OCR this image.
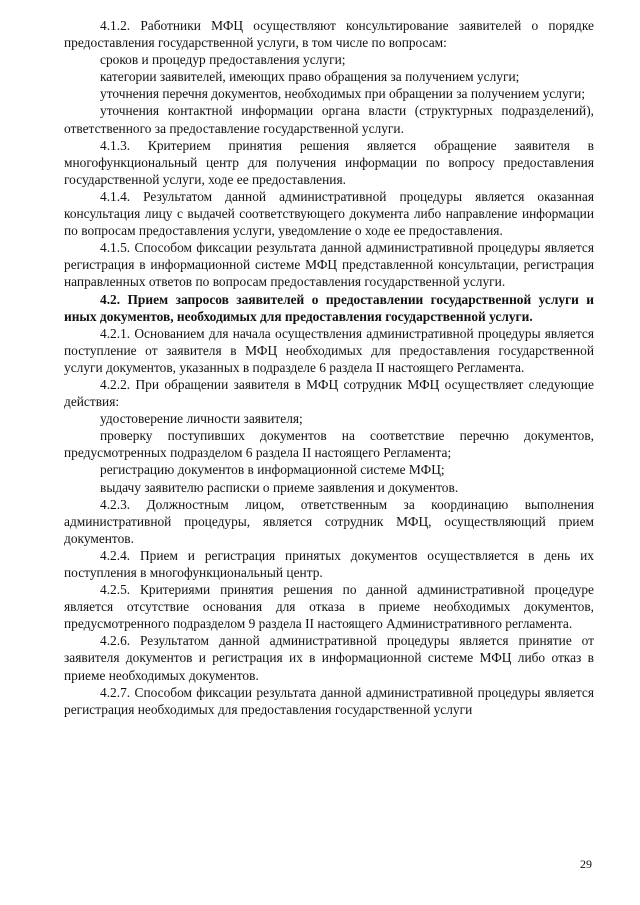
4.1.2. Работники МФЦ осуществляют консультирование заявителей о порядке предоставления государственной услуги, в том числе по вопросам:

сроков и процедур предоставления услуги;

категории заявителей, имеющих право обращения за получением услуги;

уточнения перечня документов, необходимых при обращении за получением услуги;

уточнения контактной информации органа власти (структурных подразделений), ответственного за предоставление государственной услуги.

4.1.3. Критерием принятия решения является обращение заявителя в многофункциональный центр для получения информации по вопросу предоставления государственной услуги, ходе ее предоставления.

4.1.4. Результатом данной административной процедуры является оказанная консультация лицу с выдачей соответствующего документа либо направление информации по вопросам предоставления услуги, уведомление о ходе ее предоставления.

4.1.5. Способом фиксации результата данной административной процедуры является регистрация в информационной системе МФЦ представленной консультации, регистрация направленных ответов по вопросам предоставления государственной услуги.

4.2. Прием запросов заявителей о предоставлении государственной услуги и иных документов, необходимых для предоставления государственной услуги.

4.2.1. Основанием для начала осуществления административной процедуры является поступление от заявителя в МФЦ необходимых для предоставления государственной услуги документов, указанных в подразделе 6 раздела II настоящего Регламента.

4.2.2. При обращении заявителя в МФЦ сотрудник МФЦ осуществляет следующие действия:

удостоверение личности заявителя;

проверку поступивших документов на соответствие перечню документов, предусмотренных подразделом 6 раздела II настоящего Регламента;

регистрацию документов в информационной системе МФЦ;

выдачу заявителю расписки о приеме заявления и документов.

4.2.3. Должностным лицом, ответственным за координацию выполнения административной процедуры, является сотрудник МФЦ, осуществляющий прием документов.

4.2.4. Прием и регистрация принятых документов осуществляется в день их поступления в многофункциональный центр.

4.2.5. Критериями принятия решения по данной административной процедуре является отсутствие основания для отказа в приеме необходимых документов, предусмотренного подразделом 9 раздела II настоящего Административного регламента.

4.2.6. Результатом данной административной процедуры является принятие от заявителя документов и регистрация их в информационной системе МФЦ либо отказ в приеме необходимых документов.

4.2.7. Способом фиксации результата данной административной процедуры является регистрация необходимых для предоставления государственной услуги

29
